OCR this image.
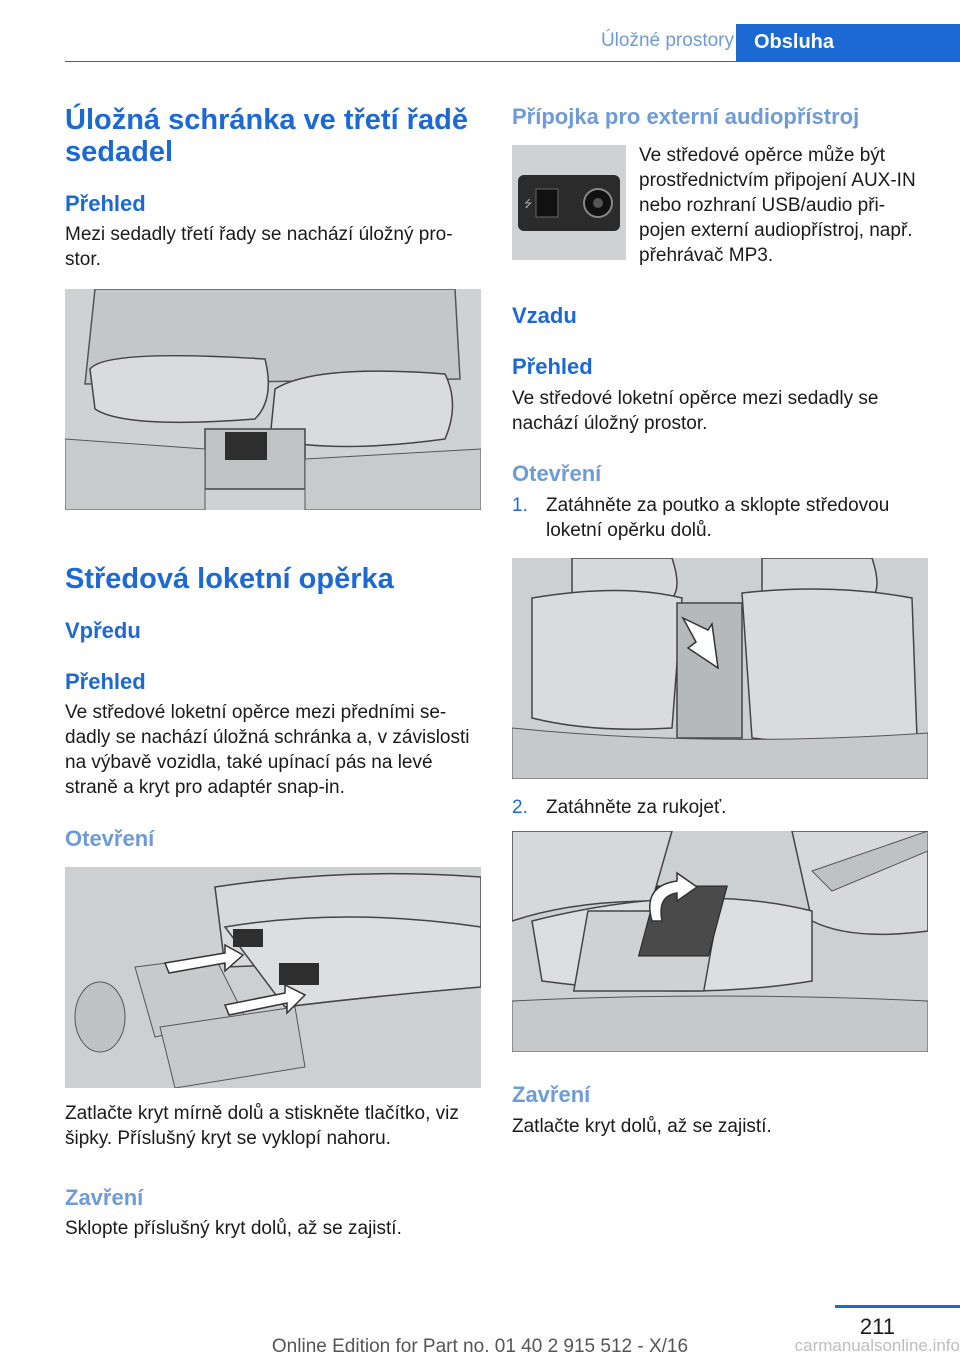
Úložné prostory	Obsluha
Úložná schránka ve třetí řadě sedadel
Přehled

Mezi sedadly třetí řady se nachází úložný pro-stor.

Středová loketní opěrka
Vpředu
Přehled

Ve středové loketní opěrce mezi předními se-dadly se nachází úložná schránka a, v závislosti na výbavě vozidla, také upínací pás na levé straně a kryt pro adaptér snap-in.

Otevření

Zatlačte kryt mírně dolů a stiskněte tlačítko, viz šipky. Příslušný kryt se vyklopí nahoru.

Zavření

Sklopte příslušný kryt dolů, až se zajistí.

Přípojka pro externí audiopřístroj
⭍

Ve středové opěrce může být prostřednictvím připojení AUX-IN nebo rozhraní USB/audio při-pojen externí audiopřístroj, např. přehrávač MP3.

Vzadu
Přehled

Ve středové loketní opěrce mezi sedadly se nachází úložný prostor.

Otevření
1. Zatáhněte za poutko a sklopte středovou loketní opěrku dolů.
2. Zatáhněte za rukojeť.
Zavření

Zatlačte kryt dolů, až se zajistí.

211
Online Edition for Part no. 01 40 2 915 512 - X/16	carmanualsonline.info
